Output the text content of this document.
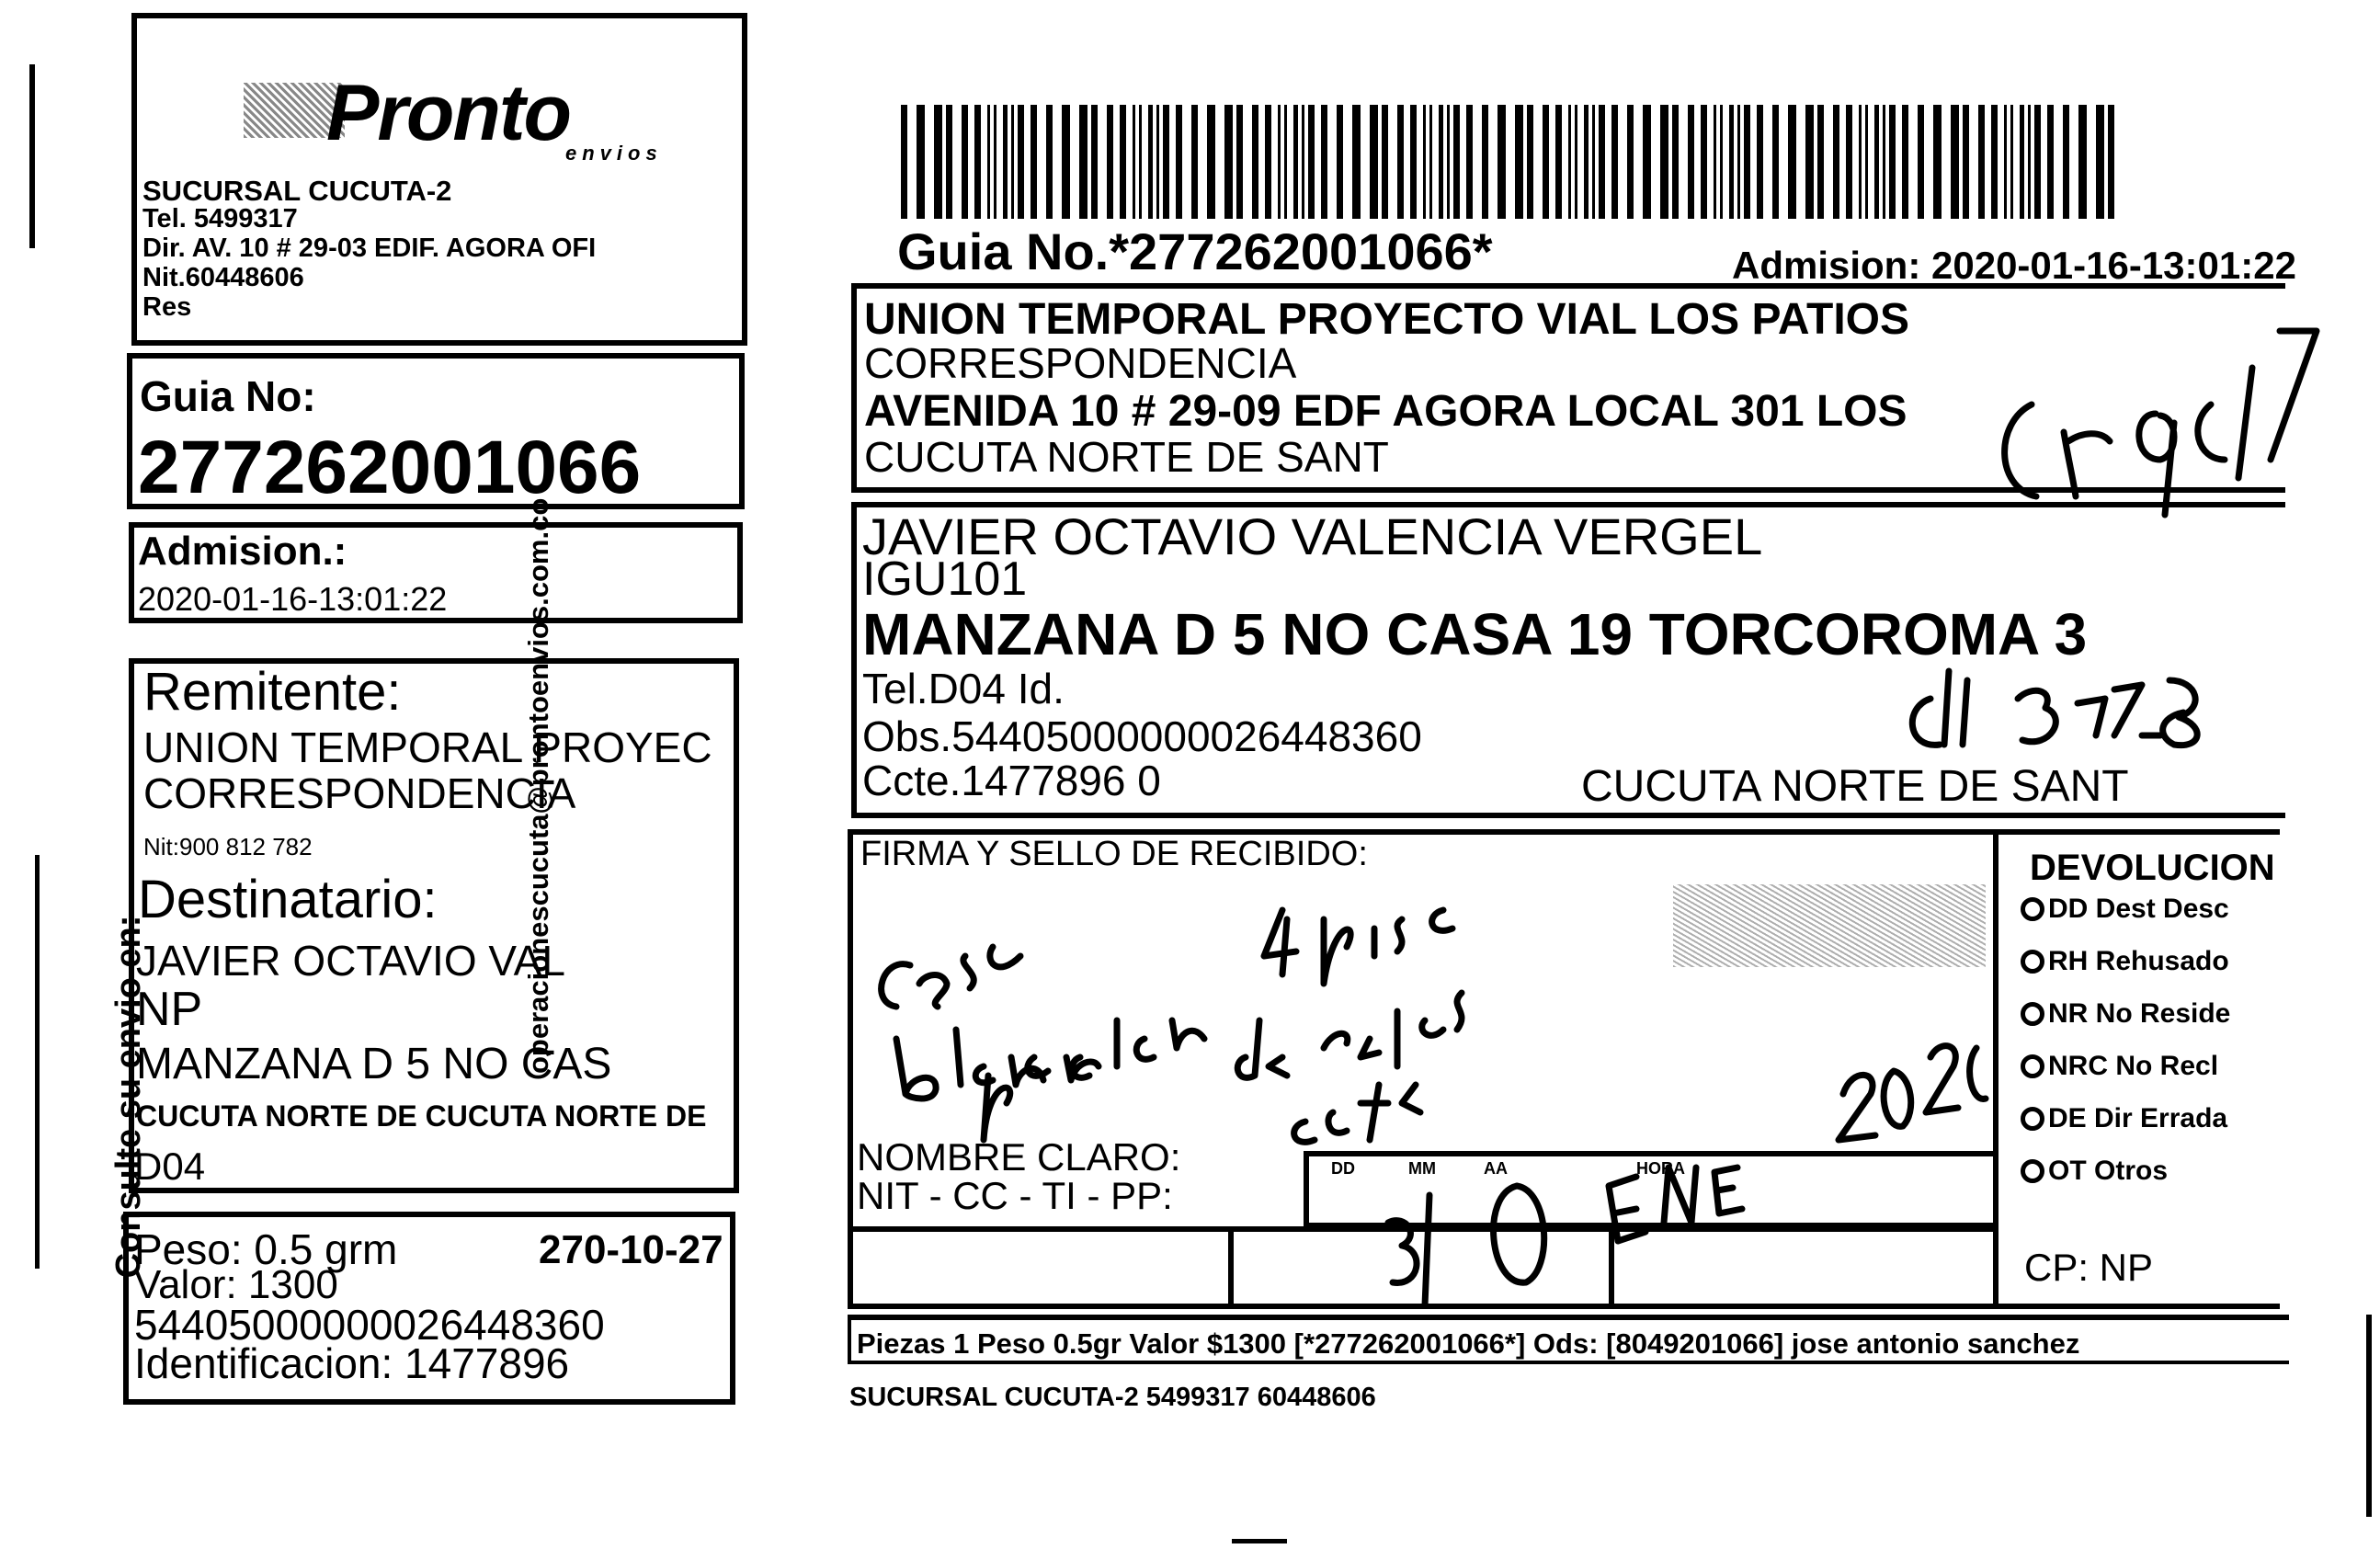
Pronto
envios
SUCURSAL CUCUTA-2
Tel. 5499317
Dir. AV. 10 # 29-03 EDIF. AGORA OFI
Nit.60448606
Res
Guia No:
277262001066
Admision.:
2020-01-16-13:01:22
Remitente:
UNION TEMPORAL PROYEC
CORRESPONDENCIA
Nit:900 812 782
Destinatario:
JAVIER OCTAVIO VAL
NP
MANZANA D 5 NO CAS
CUCUTA NORTE DE CUCUTA NORTE DE
D04
Peso: 0.5 grm	270-10-27
Valor: 1300
54405000000026448360
Identificacion: 1477896
Consulte su envio en:
operacionescucuta@prontoenvios.com.co
Guia No.*277262001066*	Admision: 2020-01-16-13:01:22
UNION TEMPORAL PROYECTO VIAL LOS PATIOS
CORRESPONDENCIA
AVENIDA 10 # 29-09 EDF AGORA LOCAL 301 LOS
CUCUTA NORTE DE SANT
JAVIER OCTAVIO VALENCIA VERGEL
IGU101
MANZANA D 5 NO CASA 19 TORCOROMA 3
Tel.D04 Id.
Obs.54405000000026448360
Ccte.1477896 0	CUCUTA NORTE DE SANT
FIRMA Y SELLO DE RECIBIDO:
NOMBRE CLARO:
NIT - CC - TI - PP:
DD	MM	AA	HORA
DEVOLUCION
DD Dest Desc
RH Rehusado
NR No Reside
NRC No Recl
DE Dir Errada
OT Otros
CP: NP
Piezas 1 Peso 0.5gr Valor $1300 [*277262001066*] Ods: [8049201066] jose antonio sanchez
SUCURSAL CUCUTA-2 5499317 60448606
